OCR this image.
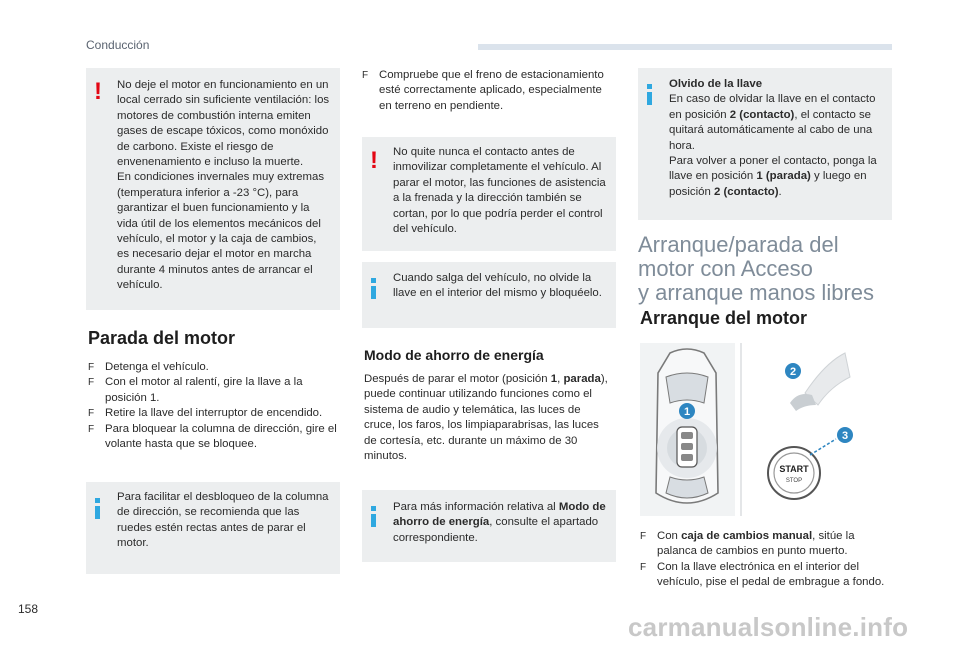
Conducción
! No deje el motor en funcionamiento en un local cerrado sin suficiente ventilación: los motores de combustión interna emiten gases de escape tóxicos, como monóxido de carbono. Existe el riesgo de envenenamiento e incluso la muerte.

En condiciones invernales muy extremas (temperatura inferior a -23 °C), para garantizar el buen funcionamiento y la vida útil de los elementos mecánicos del vehículo, el motor y la caja de cambios, es necesario dejar el motor en marcha durante 4 minutos antes de arrancar el vehículo.

Parada del motor
F Detenga el vehículo.
F Con el motor al ralentí, gire la llave a la posición 1.
F Retire la llave del interruptor de encendido.
F Para bloquear la columna de dirección, gire el volante hasta que se bloquee.
Para facilitar el desbloqueo de la columna de dirección, se recomienda que las ruedes estén rectas antes de parar el motor.
F Compruebe que el freno de estacionamiento esté correctamente aplicado, especialmente en terreno en pendiente.
! No quite nunca el contacto antes de inmovilizar completamente el vehículo. Al parar el motor, las funciones de asistencia a la frenada y la dirección también se cortan, por lo que podría perder el control del vehículo.
Cuando salga del vehículo, no olvide la llave en el interior del mismo y bloquéelo.
Modo de ahorro de energía
Después de parar el motor (posición 1, parada), puede continuar utilizando funciones como el sistema de audio y telemática, las luces de cruce, los faros, los limpiaparabrisas, las luces de cortesía, etc. durante un máximo de 30 minutos.
Para más información relativa al Modo de ahorro de energía, consulte el apartado correspondiente.

Olvido de la llave

En caso de olvidar la llave en el contacto en posición 2 (contacto), el contacto se quitará automáticamente al cabo de una hora.

Para volver a poner el contacto, ponga la llave en posición 1 (parada) y luego en posición 2 (contacto).

Arranque/parada del
motor con Acceso
y arranque manos libres
Arranque del motor
START
STOP
1
2
3
F Con caja de cambios manual, sitúe la palanca de cambios en punto muerto.
F Con la llave electrónica en el interior del vehículo, pise el pedal de embrague a fondo.
158
carmanualsonline.info
